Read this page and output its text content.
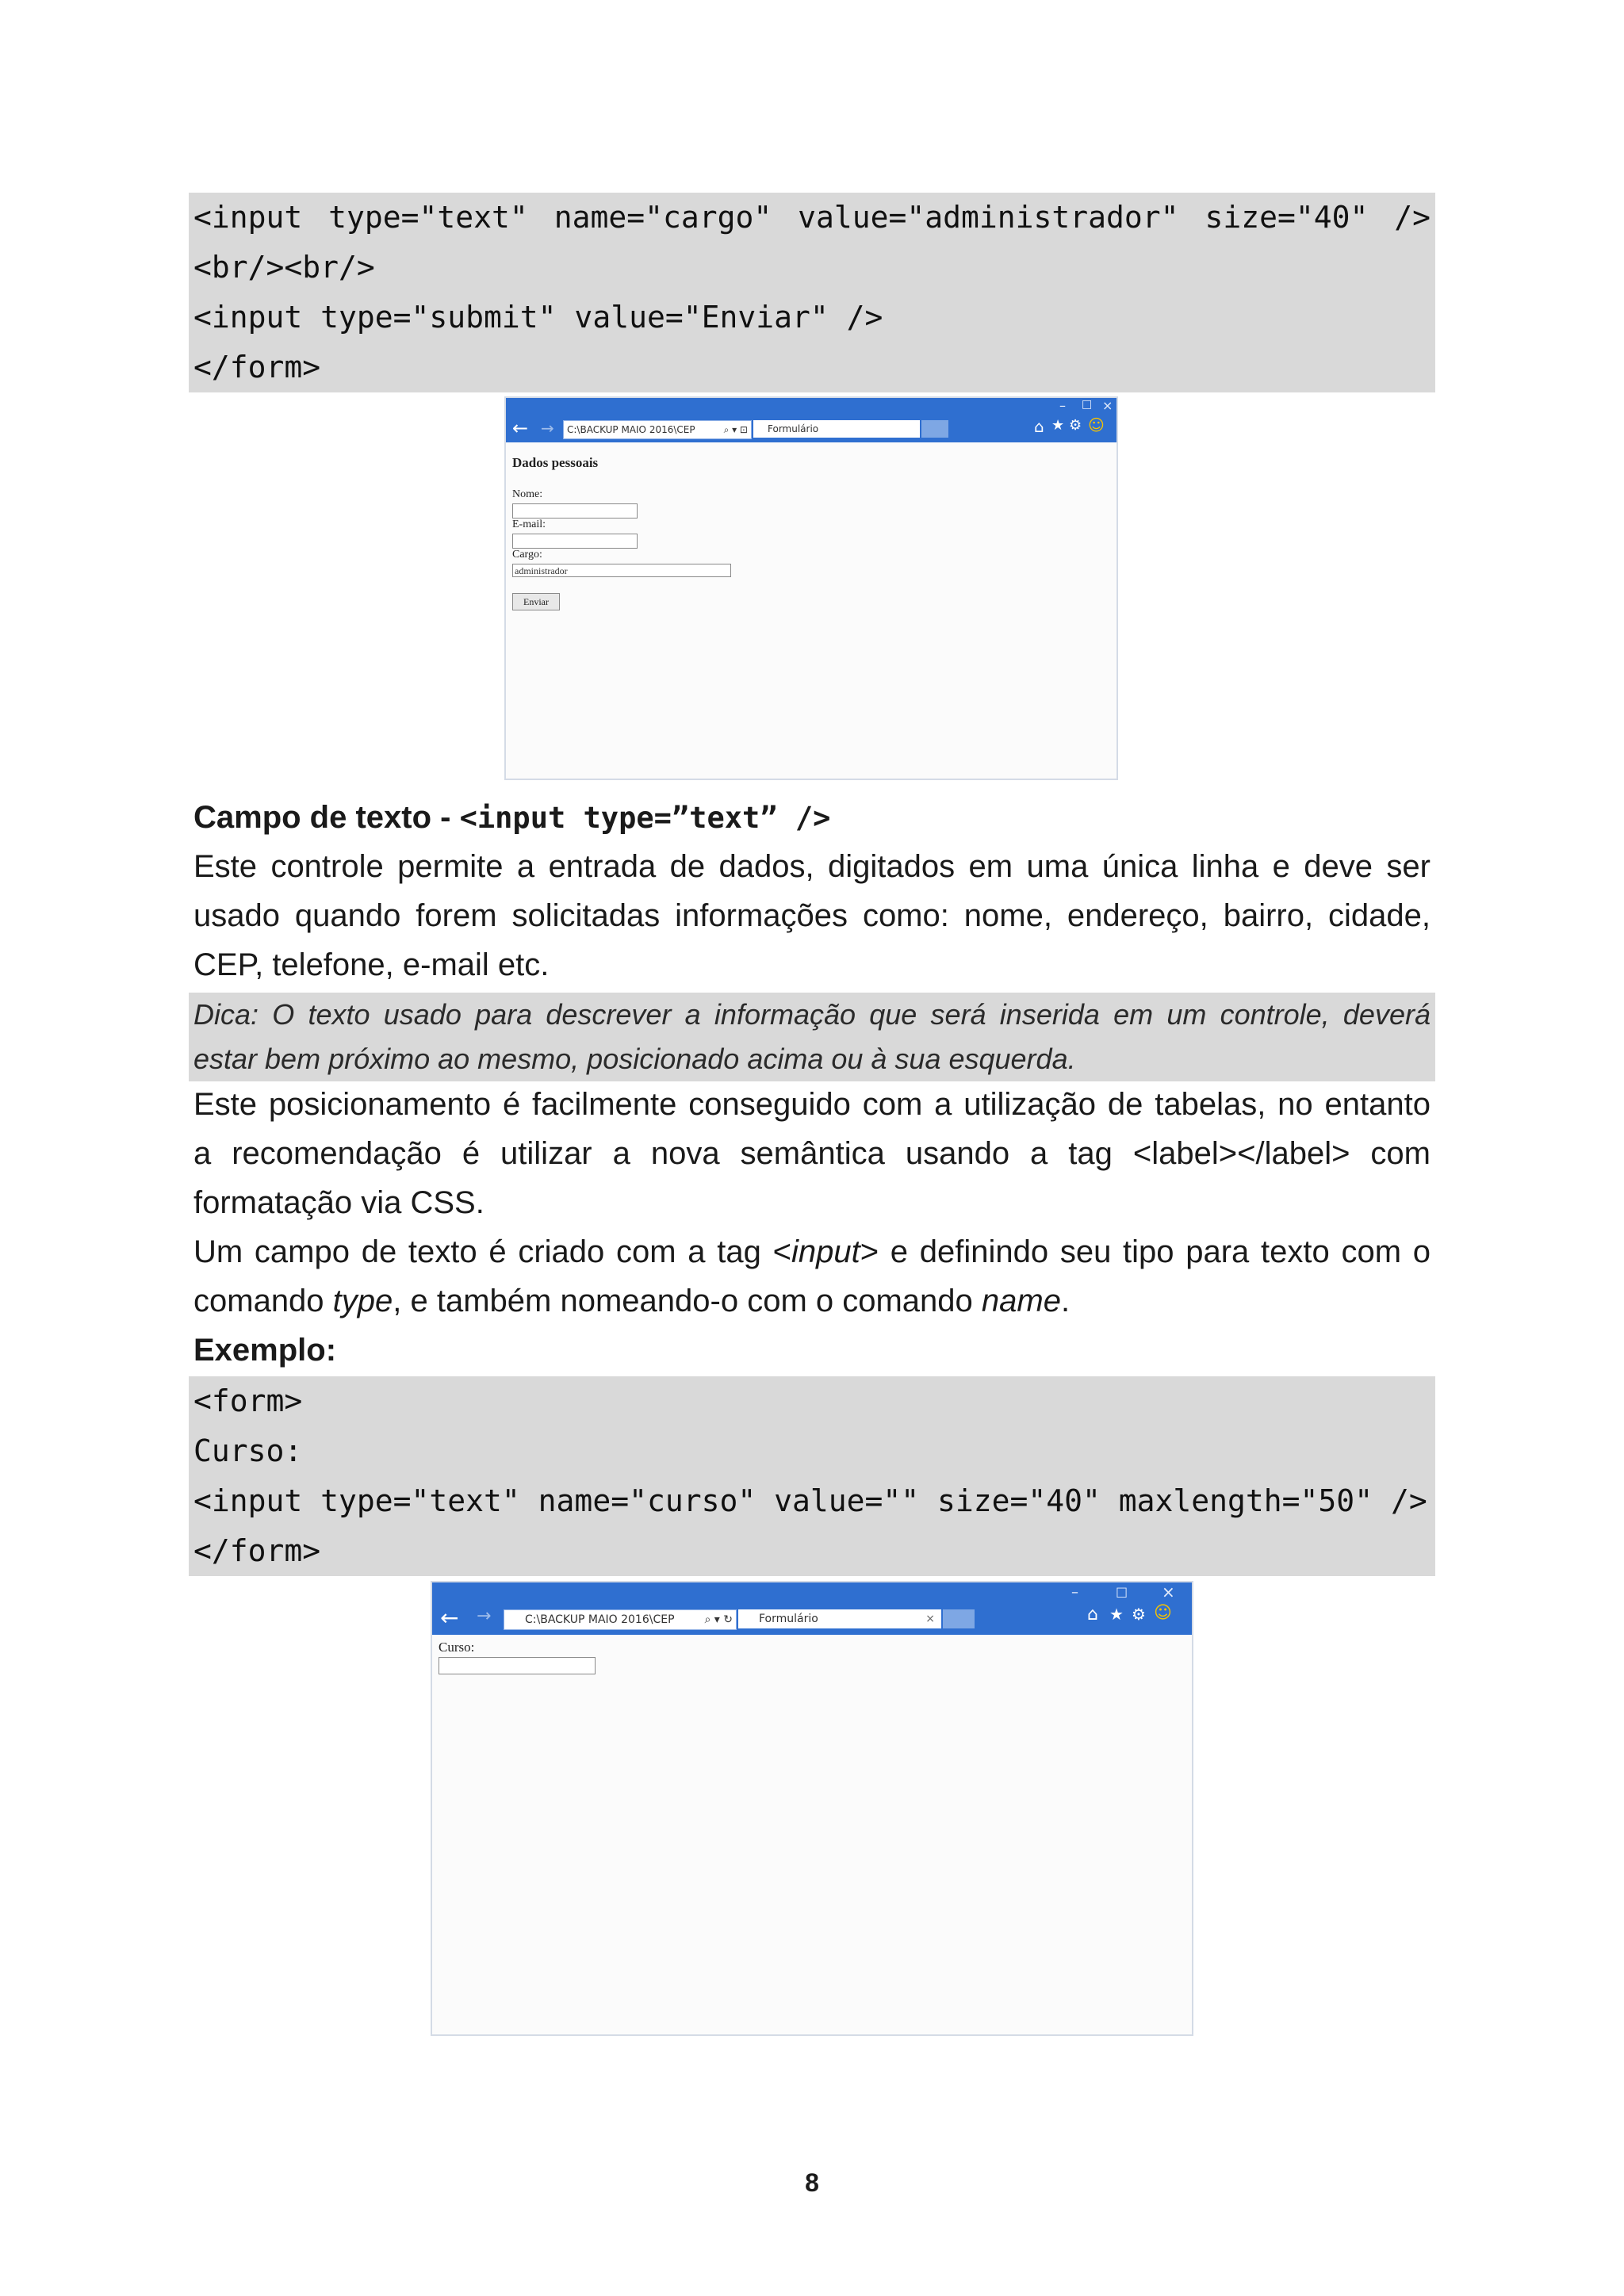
<input type="text" name="cargo" value="administrador" size="40" />
<br/><br/>
<input type="submit" value="Enviar" />
</form>
– □ ×
← →	C:\BACKUP MAIO 2016\CEP	⌕ ▾ ⊡	Formulário	⌂ ★ ⚙ ☺
Dados pessoais
Nome:
E-mail:
Cargo:
administrador
Enviar
Campo de texto - <input type=”text” />
Este controle permite a entrada de dados, digitados em uma única linha e deve ser
usado quando forem solicitadas informações como: nome, endereço, bairro, cidade,
CEP, telefone, e-mail etc.
Dica: O texto usado para descrever a informação que será inserida em um controle, deverá
estar bem próximo ao mesmo, posicionado acima ou à sua esquerda.
Este posicionamento é facilmente conseguido com a utilização de tabelas, no entanto
a recomendação é utilizar a nova semântica usando a tag <label></label> com
formatação via CSS.
Um campo de texto é criado com a tag <input> e definindo seu tipo para texto com o
comando type, e também nomeando-o com o comando name.
Exemplo:
<form>
Curso:
<input type="text" name="curso" value="" size="40" maxlength="50" />
</form>
–	□ ×
← →	C:\BACKUP MAIO 2016\CEP	⌕ ▾ ↻	Formulário	×	⌂ ★ ⚙ ☺
Curso:
8
